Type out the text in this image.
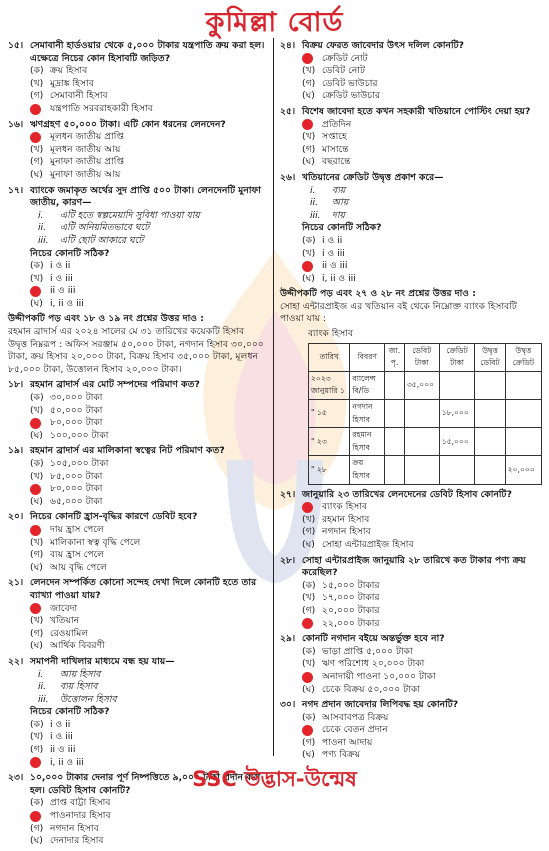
কুমিল্লা বোর্ড
১৫। সেমাবানী হার্ডওয়ার থেকে ৫,০০০ টাকার যন্ত্রপাতি ক্রয় করা হল। এক্ষেত্রে নিচের কোন হিসাবটি জড়িত?
(ক) ক্রয় হিসাব
(খ) মুদ্রাঙ্ক হিসাব
(গ) সেমাবানী হিসাব
যন্ত্রপাতি সরবরাহকারী হিসাব
১৬। ঋণগ্রহণ ৫০,০০০ টাকা। এটি কোন ধরনের লেনদেন?
মূলধন জাতীয় প্রাপ্তি
(খ) মূলধন জাতীয় আয়
(গ) মুনাফা জাতীয় প্রাপ্তি
(ঘ) মুনাফা জাতীয় আয়
১৭। ব্যাংকে জমাকৃত অর্থের সুদ প্রাপ্তি ৫০০ টাকা। লেনদেনটি মুনাফা জাতীয়, কারণ—
i.	এটি হতে স্বল্পমেয়াদি সুবিধা পাওয়া যায়
ii.	এটি অনিয়মিতভাবে ঘটে
iii.	এটি ছোট আকারে ঘটে
নিচের কোনটি সঠিক?
(ক) i ও ii
(খ) i ও iii
ii ও iii
(ঘ) i, ii ও iii
উদ্দীপকটি পড় এবং ১৮ ও ১৯ নং প্রশ্নের উত্তর দাও :
রহমান ব্রাদার্স এর ২০২৪ সালের মে ৩১ তারিখের কয়েকটি হিসাব উদ্বৃত্ত নিম্নরূপ : অফিস সরঞ্জাম ৫০,০০০ টাকা, নগদান হিসাব ৩০,০০০ টাকা, ক্রয় হিসাব ২০,০০০ টাকা, বিক্রয় হিসাব ৩৫,০০০ টাকা, মূলধন ৮৫,০০০ টাকা, উত্তোলন হিসাব ২০,০০০ টাকা।
১৮। রহমান ব্রাদার্স এর মোট সম্পদের পরিমাণ কত?
(ক) ৩০,০০০ টাকা
(খ) ৫০,০০০ টাকা
৮০,০০০ টাকা
(ঘ) ১০০,০০০ টাকা
১৯। রহমান ব্রাদার্স এর মালিকানা স্বত্বের নিট পরিমাণ কত?
(ক) ১০৫,০০০ টাকা
(খ) ৮৫,০০০ টাকা
৮০,০০০ টাকা
(ঘ) ৬৫,০০০ টাকা
২০। নিচের কোনটি হ্রাস-বৃদ্ধির কারণে ডেবিট হবে?
দায় হ্রাস পেলে
(খ) মালিকানা স্বত্ব বৃদ্ধি পেলে
(গ) ব্যয় হ্রাস পেলে
(ঘ) আয় বৃদ্ধি পেলে
২১। লেনদেন সম্পর্কিত কোনো সন্দেহ দেখা দিলে কোনটি হতে তার ব্যাখ্যা পাওয়া যায়?
জাবেদা
(খ) খতিয়ান
(গ) রেওয়ামিল
(ঘ) আর্থিক বিবরণী
২২। সমাপনী দাখিলার মাধ্যমে বন্ধ হয় যায়—
i.	আয় হিসাব
ii.	ব্যয় হিসাব
iii.	উত্তোলন হিসাব
নিচের কোনটি সঠিক?
(ক) i ও ii
(খ) i ও iii
(গ) ii ও iii
i, ii ও iii
২৩। ১০,০০০ টাকার দেনার পূর্ণ নিষ্পত্তিতে ৯,০০০ টাকা প্রদান করা হল। ডেবিট হিসাব কোনটি?
(ক) প্রাপ্ত বাট্টা হিসাব
পাওনাদার হিসাব
(গ) নগদান হিসাব
(ঘ) দেনাদার হিসাব
২৪। বিক্রয় ফেরত জাবেদার উৎস দলিল কোনটি?
ক্রেডিট নোট
(খ) ডেবিট নোট
(গ) ডেবিট ভাউচার
(ঘ) ক্রেডিট ভাউচার
২৫। বিশেষ জাবেদা হতে কখন সহকারী খতিয়ানে পোস্টিং দেয়া হয়?
প্রতিদিন
(খ) সপ্তাহে
(গ) মাসান্তে
(ঘ) বছরান্তে
২৬। খতিয়ানের ক্রেডিট উদ্বৃত্ত প্রকাশ করে—
i.	ব্যয়
ii.	আয়
iii.	দায়
নিচের কোনটি সঠিক?
(ক) i ও ii
(খ) i ও iii
ii ও iii
(ঘ) i, ii ও iii
উদ্দীপকটি পড় এবং ২৭ ও ২৮ নং প্রশ্নের উত্তর দাও :
সোহা এন্টারপ্রাইজ এর খতিয়ান বই থেকে নিম্নোক্ত ব্যাংক হিসাবটি পাওয়া যায় :
ব্যাংক হিসাব
তারিখ	বিবরণ	জা. পৃ.	ডেবিট টাকা	ক্রেডিট টাকা	উদ্বৃত্ত ডেবিট	উদ্বৃত্ত ক্রেডিট
২০২৩ জানুয়ারি ১	ব্যালেন্স বি/ডি		৩৫,০০০			
" ১৫	নগদান হিসাব			১৮,০০০		
" ২৩	রহমান হিসাব			১৫,০০০		
" ২৮	ক্রয় হিসাব					২০,০০০
২৭। জানুয়ারি ২৩ তারিখের লেনদেনের ডেবিট হিসাব কোনটি?
ব্যাংক হিসাব
(খ) রহমান হিসাব
(গ) নগদান হিসাব
(ঘ) সোহা এন্টারপ্রাইজ হিসাব
২৮। সোহা এন্টারপ্রাইজ জানুয়ারি ২৮ তারিখে কত টাকার পণ্য ক্রয় করেছিল?
(ক) ১৫,০০০ টাকার
(খ) ১৭,০০০ টাকার
(গ) ২০,০০০ টাকার
২২,০০০ টাকার
২৯। কোনটি নগদান বইয়ে অন্তর্ভুক্ত হবে না?
(ক) ভাড়া প্রাপ্তি ৫,০০০ টাকা
(খ) ঋণ পরিশোধ ২০,০০০ টাকা
অনাদায়ী পাওনা ১০,০০০ টাকা
(ঘ) চেকে বিক্রয় ৫০,০০০ টাকা
৩০। নগদ প্রদান জাবেদার লিপিবদ্ধ হয় কোনটি?
(ক) আসবাবপত্র বিক্রয়
চেকে বেতন প্রদান
(গ) পাওনা আদায়
(ঘ) পণ্য বিক্রয়
SSC উদ্ভাস-উন্মেষ
